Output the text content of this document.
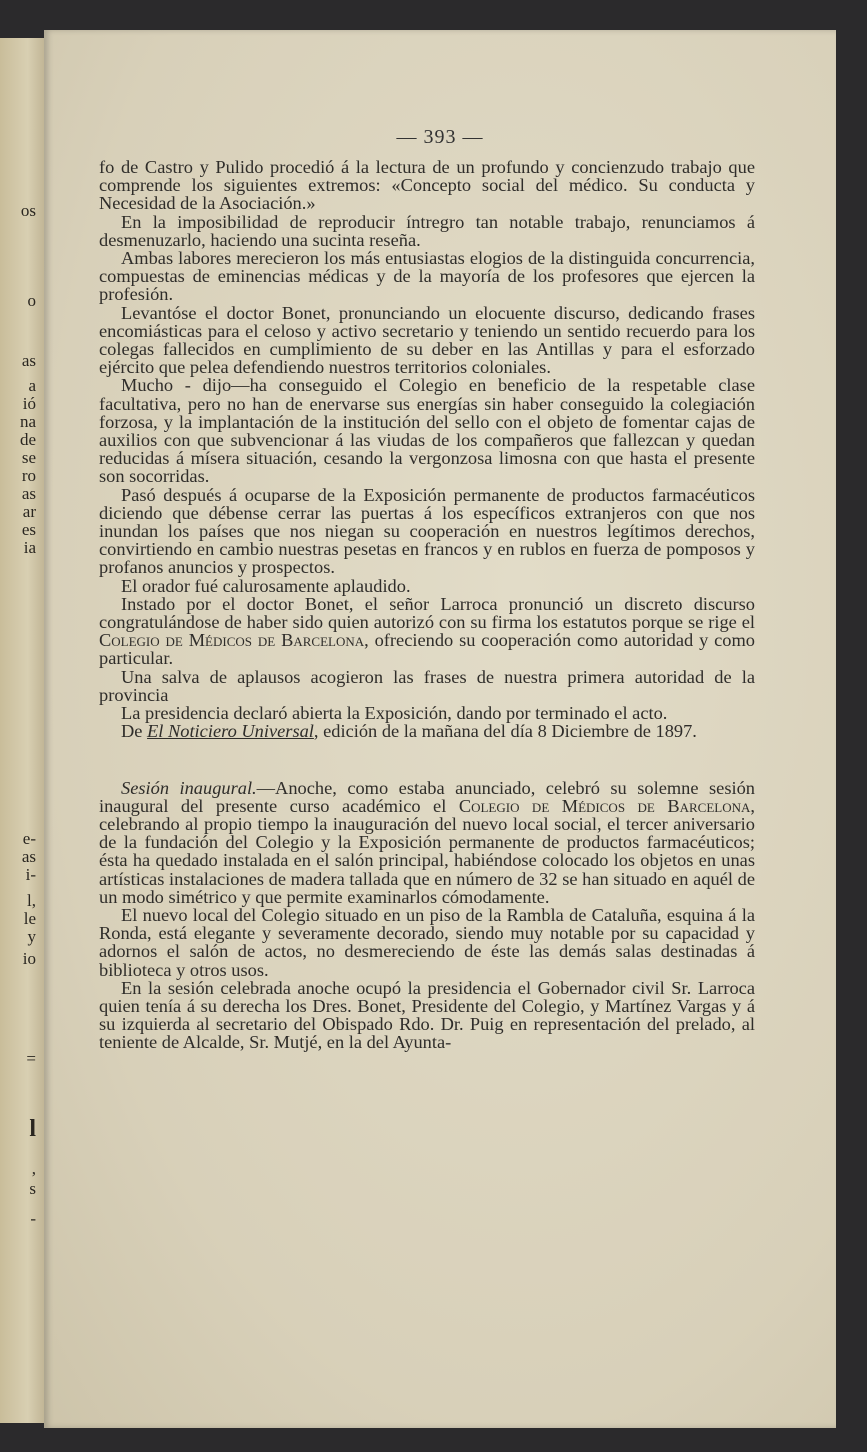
os
o
as
a
ió
na
de
se
ro
as
ar
es
ia
e-
as
i-
l,
le
y
io
=
l
,
s
-
— 393 —

fo de Castro y Pulido procedió á la lectura de un profundo y concienzudo trabajo que comprende los siguientes extremos: «Concepto social del médico. Su conducta y Necesidad de la Asociación.»

En la imposibilidad de reproducir íntregro tan notable trabajo, renunciamos á desmenuzarlo, haciendo una sucinta reseña.

Ambas labores merecieron los más entusiastas elogios de la distinguida concurrencia, compuestas de eminencias médicas y de la mayoría de los profesores que ejercen la profesión.

Levantóse el doctor Bonet, pronunciando un elocuente discurso, dedicando frases encomiásticas para el celoso y activo secretario y teniendo un sentido recuerdo para los colegas fallecidos en cumplimiento de su deber en las Antillas y para el esforzado ejército que pelea defendiendo nuestros territorios coloniales.

Mucho - dijo—ha conseguido el Colegio en beneficio de la respetable clase facultativa, pero no han de enervarse sus energías sin haber conseguido la colegiación forzosa, y la implantación de la institución del sello con el objeto de fomentar cajas de auxilios con que subvencionar á las viudas de los compañeros que fallezcan y quedan reducidas á mísera situación, cesando la vergonzosa limosna con que hasta el presente son socorridas.

Pasó después á ocuparse de la Exposición permanente de productos farmacéuticos diciendo que débense cerrar las puertas á los específicos extranjeros con que nos inundan los países que nos niegan su cooperación en nuestros legítimos derechos, convirtiendo en cambio nuestras pesetas en francos y en rublos en fuerza de pomposos y profanos anuncios y prospectos.

El orador fué calurosamente aplaudido.

Instado por el doctor Bonet, el señor Larroca pronunció un discreto discurso congratulándose de haber sido quien autorizó con su firma los estatutos porque se rige el Colegio de Médicos de Barcelona, ofreciendo su cooperación como autoridad y como particular.

Una salva de aplausos acogieron las frases de nuestra primera autoridad de la provincia

La presidencia declaró abierta la Exposición, dando por terminado el acto.

De El Noticiero Universal, edición de la mañana del día 8 Diciembre de 1897.

Sesión inaugural.—Anoche, como estaba anunciado, celebró su solemne sesión inaugural del presente curso académico el Colegio de Médicos de Barcelona, celebrando al propio tiempo la inauguración del nuevo local social, el tercer aniversario de la fundación del Colegio y la Exposición permanente de productos farmacéuticos; ésta ha quedado instalada en el salón principal, habiéndose colocado los objetos en unas artísticas instalaciones de madera tallada que en número de 32 se han situado en aquél de un modo simétrico y que permite examinarlos cómodamente.

El nuevo local del Colegio situado en un piso de la Rambla de Cataluña, esquina á la Ronda, está elegante y severamente decorado, siendo muy notable por su capacidad y adornos el salón de actos, no desmereciendo de éste las demás salas destinadas á biblioteca y otros usos.

En la sesión celebrada anoche ocupó la presidencia el Gobernador civil Sr. Larroca quien tenía á su derecha los Dres. Bonet, Presidente del Colegio, y Martínez Vargas y á su izquierda al secretario del Obispado Rdo. Dr. Puig en representación del prelado, al teniente de Alcalde, Sr. Mutjé, en la del Ayunta-
